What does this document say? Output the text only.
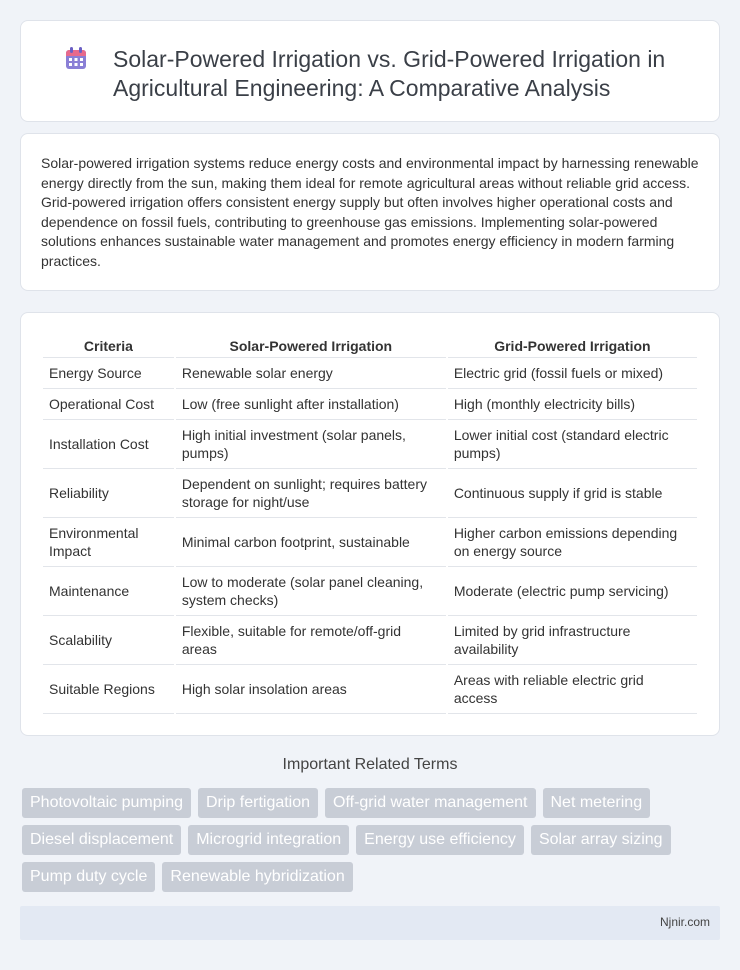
Solar-Powered Irrigation vs. Grid-Powered Irrigation in Agricultural Engineering: A Comparative Analysis

Solar-powered irrigation systems reduce energy costs and environmental impact by harnessing renewable energy directly from the sun, making them ideal for remote agricultural areas without reliable grid access. Grid-powered irrigation offers consistent energy supply but often involves higher operational costs and dependence on fossil fuels, contributing to greenhouse gas emissions. Implementing solar-powered solutions enhances sustainable water management and promotes energy efficiency in modern farming practices.

Criteria	Solar-Powered Irrigation	Grid-Powered Irrigation
Energy Source	Renewable solar energy	Electric grid (fossil fuels or mixed)
Operational Cost	Low (free sunlight after installation)	High (monthly electricity bills)
Installation Cost	High initial investment (solar panels, pumps)	Lower initial cost (standard electric pumps)
Reliability	Dependent on sunlight; requires battery storage for night/use	Continuous supply if grid is stable
Environmental Impact	Minimal carbon footprint, sustainable	Higher carbon emissions depending on energy source
Maintenance	Low to moderate (solar panel cleaning, system checks)	Moderate (electric pump servicing)
Scalability	Flexible, suitable for remote/off-grid areas	Limited by grid infrastructure availability
Suitable Regions	High solar insolation areas	Areas with reliable electric grid access
Important Related Terms
Photovoltaic pumping	Drip fertigation	Off-grid water management	Net metering
Diesel displacement	Microgrid integration	Energy use efficiency	Solar array sizing
Pump duty cycle	Renewable hybridization
Njnir.com
